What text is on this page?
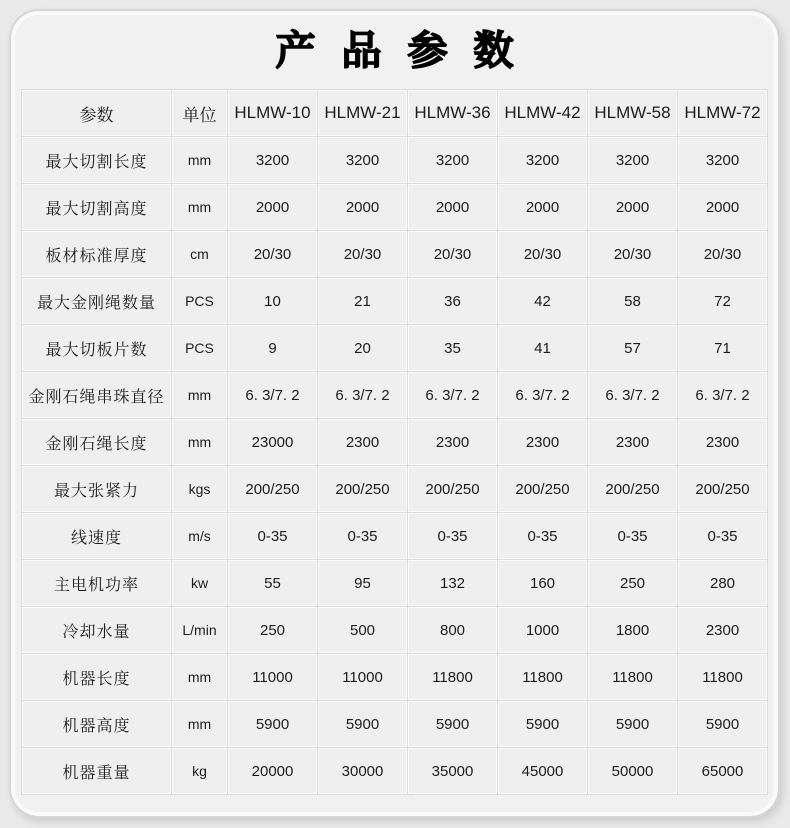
产品参数
参数	单位	HLMW-10	HLMW-21	HLMW-36	HLMW-42	HLMW-58	HLMW-72
最大切割长度	mm	3200	3200	3200	3200	3200	3200
最大切割高度	mm	2000	2000	2000	2000	2000	2000
板材标准厚度	cm	20/30	20/30	20/30	20/30	20/30	20/30
最大金刚绳数量	PCS	10	21	36	42	58	72
最大切板片数	PCS	9	20	35	41	57	71
金刚石绳串珠直径	mm	6. 3/7. 2	6. 3/7. 2	6. 3/7. 2	6. 3/7. 2	6. 3/7. 2	6. 3/7. 2
金刚石绳长度	mm	23000	2300	2300	2300	2300	2300
最大张紧力	kgs	200/250	200/250	200/250	200/250	200/250	200/250
线速度	m/s	0-35	0-35	0-35	0-35	0-35	0-35
主电机功率	kw	55	95	132	160	250	280
冷却水量	L/min	250	500	800	1000	1800	2300
机器长度	mm	11000	11000	11800	11800	11800	11800
机器高度	mm	5900	5900	5900	5900	5900	5900
机器重量	kg	20000	30000	35000	45000	50000	65000
